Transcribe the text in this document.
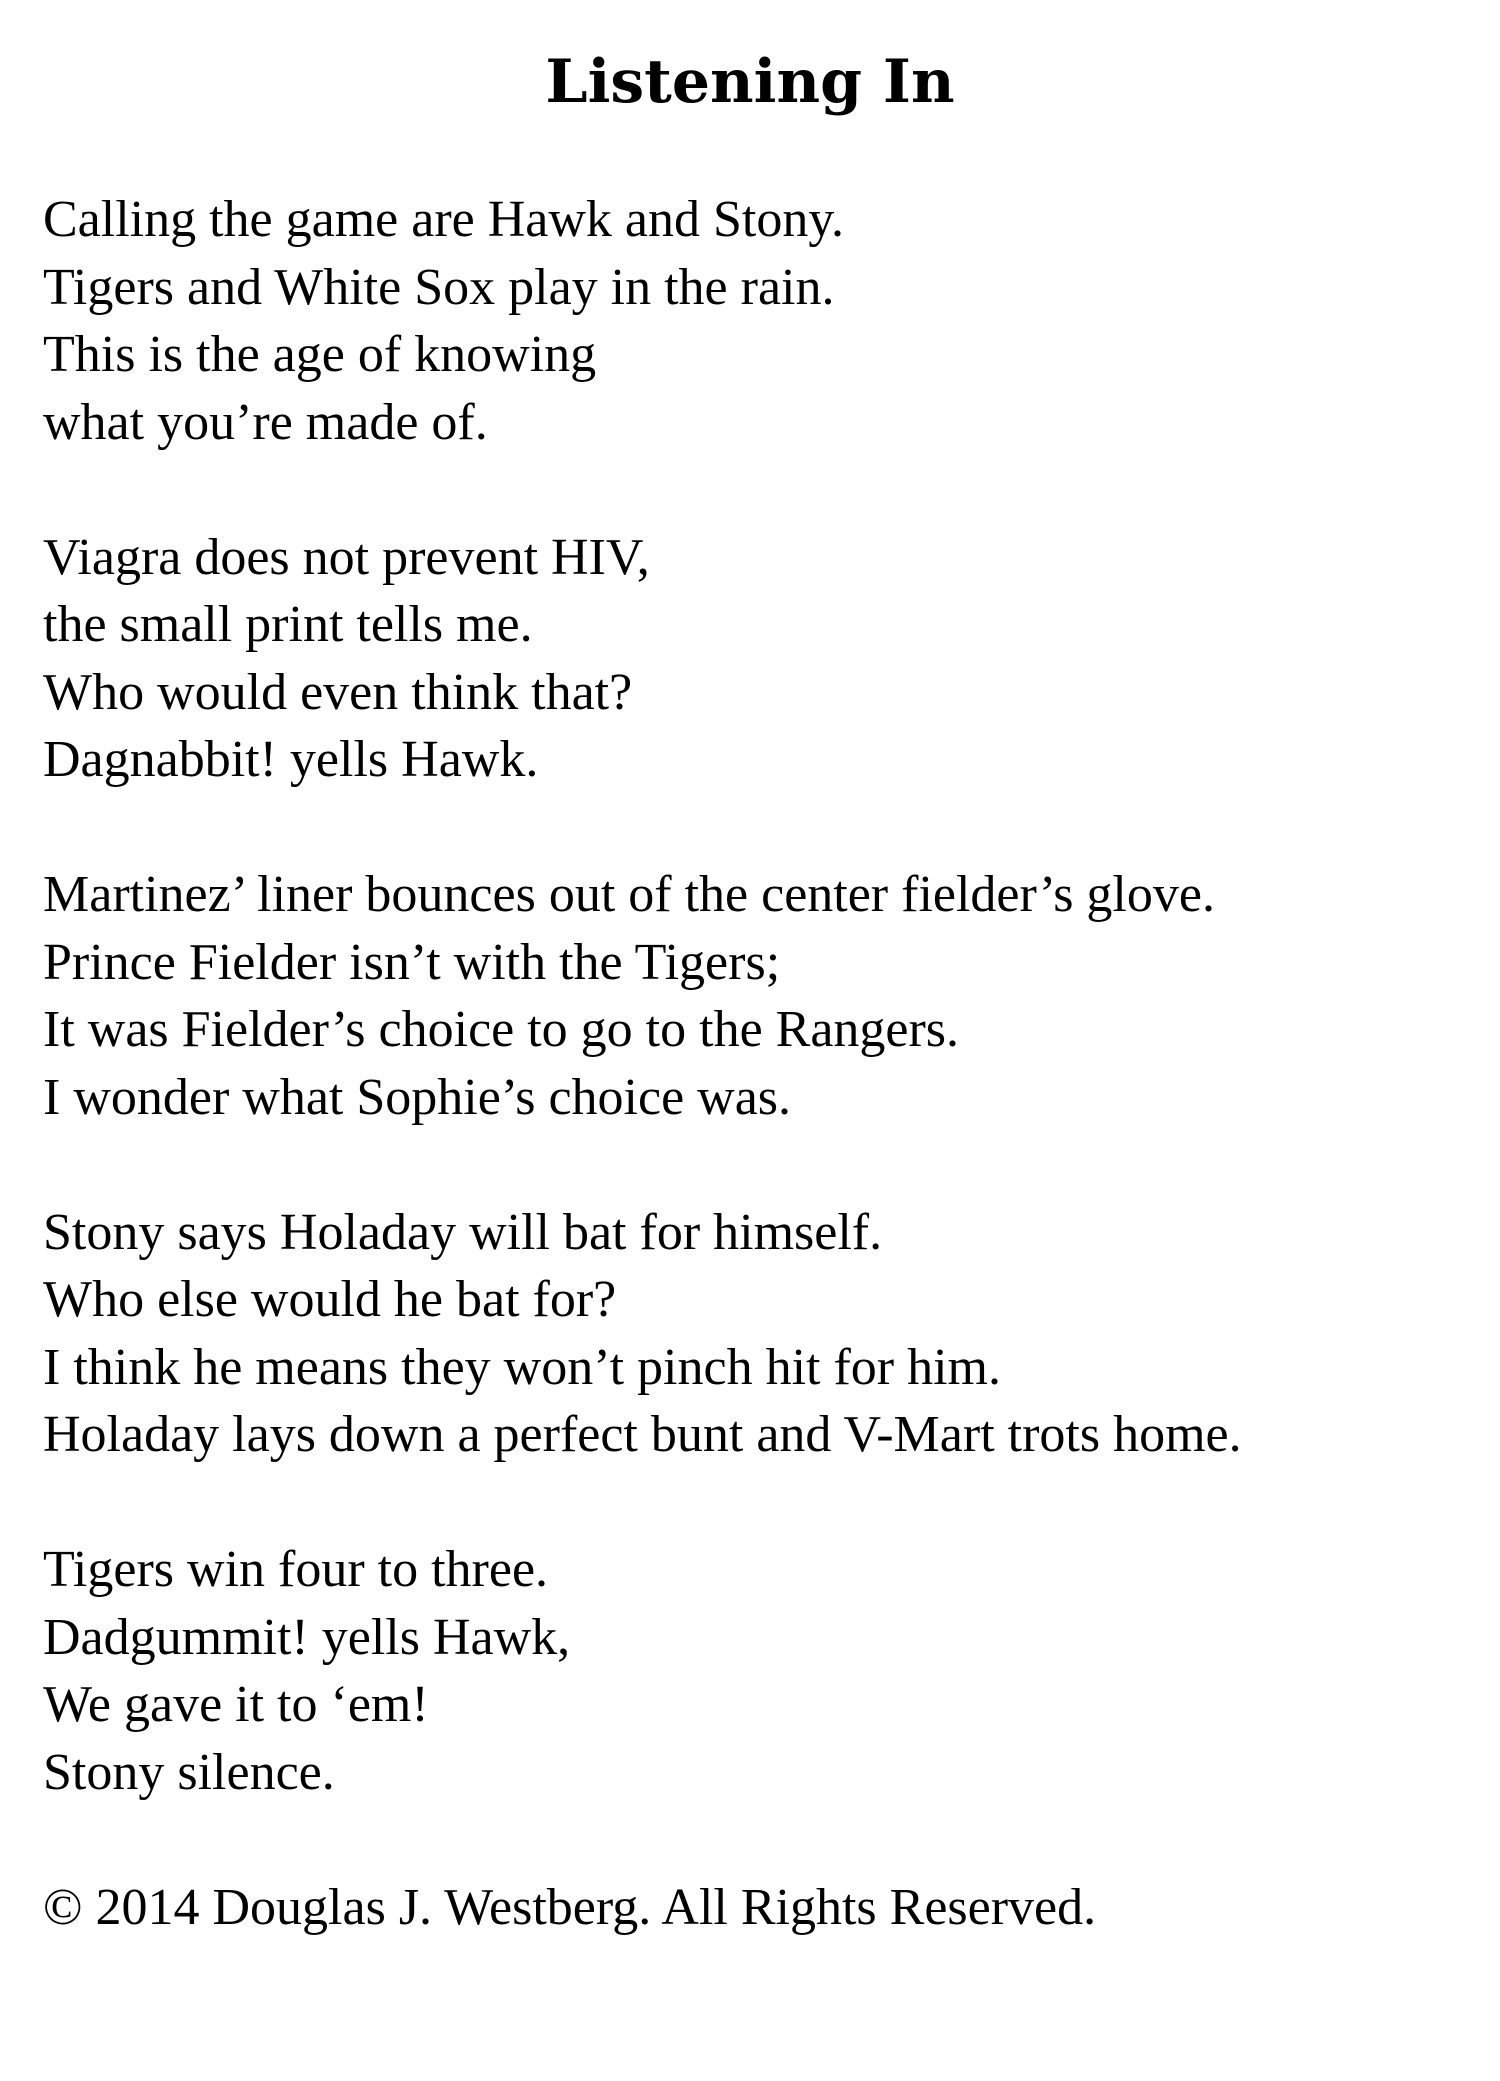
Listening In
Calling the game are Hawk and Stony.
Tigers and White Sox play in the rain.
This is the age of knowing
what you’re made of.
Viagra does not prevent HIV,
the small print tells me.
Who would even think that?
Dagnabbit! yells Hawk.
Martinez’ liner bounces out of the center fielder’s glove.
Prince Fielder isn’t with the Tigers;
It was Fielder’s choice to go to the Rangers.
I wonder what Sophie’s choice was.
Stony says Holaday will bat for himself.
Who else would he bat for?
I think he means they won’t pinch hit for him.
Holaday lays down a perfect bunt and V-Mart trots home.
Tigers win four to three.
Dadgummit! yells Hawk,
We gave it to ‘em!
Stony silence.

© 2014 Douglas J. Westberg. All Rights Reserved.
